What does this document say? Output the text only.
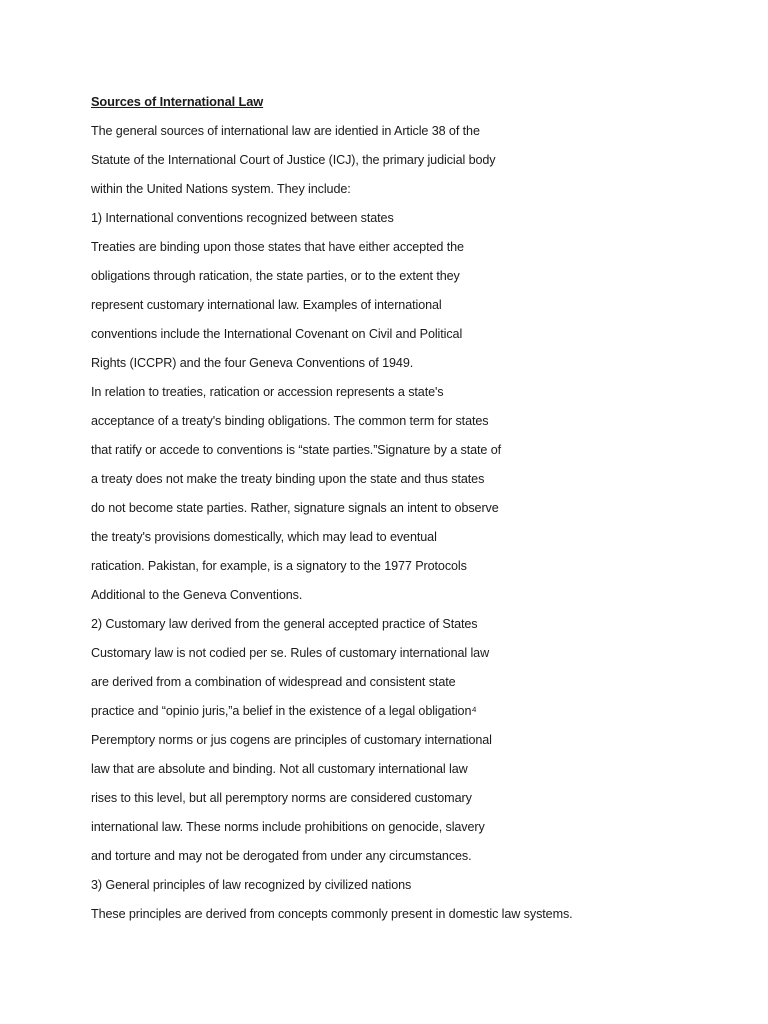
Sources of International Law
The general sources of international law are identied in Article 38 of the
Statute of the International Court of Justice (ICJ), the primary judicial body
within the United Nations system. They include:
1) International conventions recognized between states
Treaties are binding upon those states that have either accepted the
obligations through ratication, the state parties, or to the extent they
represent customary international law. Examples of international
conventions include the International Covenant on Civil and Political
Rights (ICCPR) and the four Geneva Conventions of 1949.
In relation to treaties, ratication or accession represents a state's
acceptance of a treaty's binding obligations. The common term for states
that ratify or accede to conventions is “state parties.”Signature by a state of
a treaty does not make the treaty binding upon the state and thus states
do not become state parties. Rather, signature signals an intent to observe
the treaty's provisions domestically, which may lead to eventual
ratication. Pakistan, for example, is a signatory to the 1977 Protocols
Additional to the Geneva Conventions.
2) Customary law derived from the general accepted practice of States
Customary law is not codied per se. Rules of customary international law
are derived from a combination of widespread and consistent state
practice and “opinio juris,”a belief in the existence of a legal obligation⁴
Peremptory norms or jus cogens are principles of customary international
law that are absolute and binding. Not all customary international law
rises to this level, but all peremptory norms are considered customary
international law. These norms include prohibitions on genocide, slavery
and torture and may not be derogated from under any circumstances.
3) General principles of law recognized by civilized nations
These principles are derived from concepts commonly present in domestic law systems.
